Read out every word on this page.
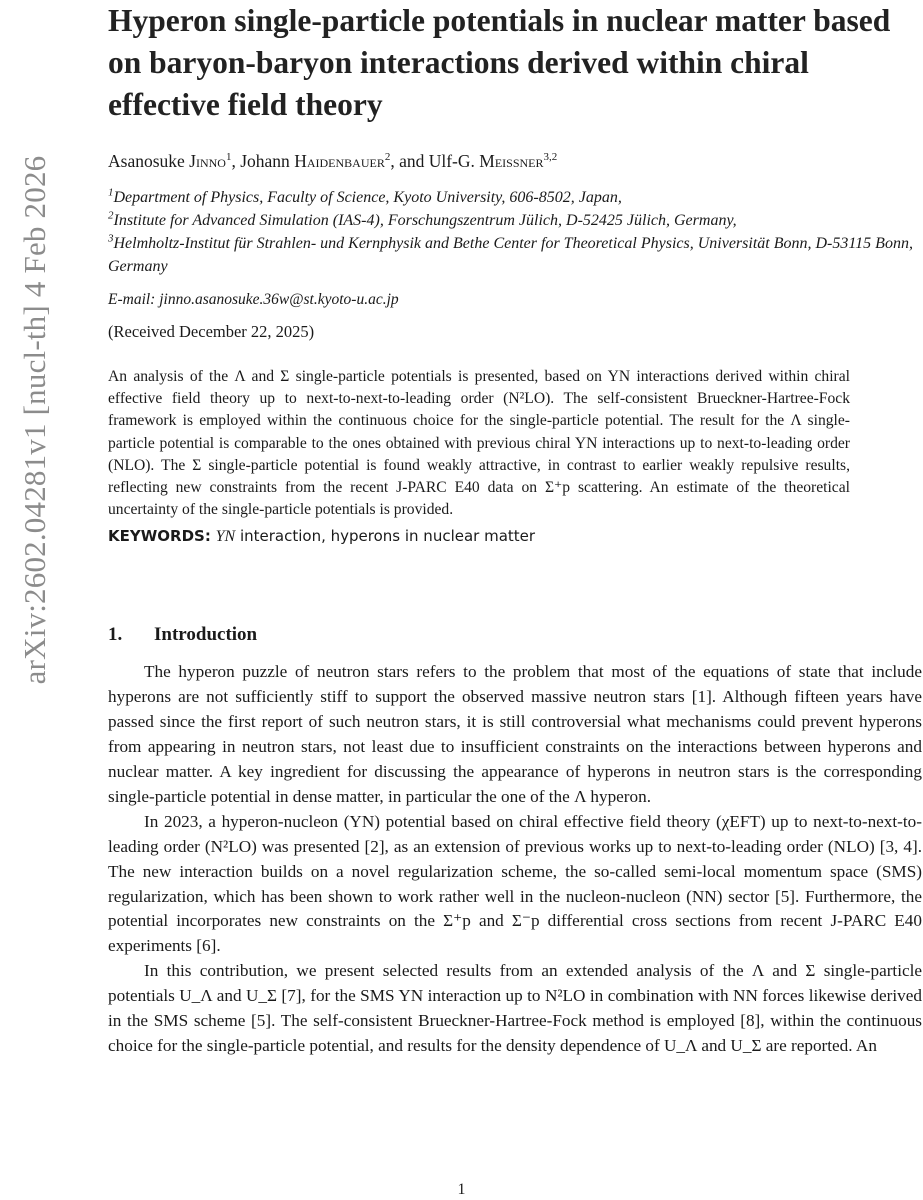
arXiv:2602.04281v1 [nucl-th] 4 Feb 2026
Hyperon single-particle potentials in nuclear matter based on baryon-baryon interactions derived within chiral effective field theory
Asanosuke Jinno$^1$, Johann Haidenbauer$^2$, and Ulf-G. Meißner$^{3,2}$
$^1$Department of Physics, Faculty of Science, Kyoto University, 606-8502, Japan,
$^2$Institute for Advanced Simulation (IAS-4), Forschungszentrum Jülich, D-52425 Jülich, Germany,
$^3$Helmholtz-Institut für Strahlen- und Kernphysik and Bethe Center for Theoretical Physics, Universität Bonn, D-53115 Bonn, Germany
E-mail: jinno.asanosuke.36w@st.kyoto-u.ac.jp
(Received December 22, 2025)
An analysis of the Λ and Σ single-particle potentials is presented, based on YN interactions derived within chiral effective field theory up to next-to-next-to-leading order (N²LO). The self-consistent Brueckner-Hartree-Fock framework is employed within the continuous choice for the single-particle potential. The result for the Λ single-particle potential is comparable to the ones obtained with previous chiral YN interactions up to next-to-leading order (NLO). The Σ single-particle potential is found weakly attractive, in contrast to earlier weakly repulsive results, reflecting new constraints from the recent J-PARC E40 data on Σ⁺p scattering. An estimate of the theoretical uncertainty of the single-particle potentials is provided.
KEYWORDS: YN interaction, hyperons in nuclear matter
1. Introduction

The hyperon puzzle of neutron stars refers to the problem that most of the equations of state that include hyperons are not sufficiently stiff to support the observed massive neutron stars [1]. Although fifteen years have passed since the first report of such neutron stars, it is still controversial what mechanisms could prevent hyperons from appearing in neutron stars, not least due to insufficient constraints on the interactions between hyperons and nuclear matter. A key ingredient for discussing the appearance of hyperons in neutron stars is the corresponding single-particle potential in dense matter, in particular the one of the Λ hyperon.

In 2023, a hyperon-nucleon (YN) potential based on chiral effective field theory (χEFT) up to next-to-next-to-leading order (N²LO) was presented [2], as an extension of previous works up to next-to-leading order (NLO) [3, 4]. The new interaction builds on a novel regularization scheme, the so-called semi-local momentum space (SMS) regularization, which has been shown to work rather well in the nucleon-nucleon (NN) sector [5]. Furthermore, the potential incorporates new constraints on the Σ⁺p and Σ⁻p differential cross sections from recent J-PARC E40 experiments [6].

In this contribution, we present selected results from an extended analysis of the Λ and Σ single-particle potentials U_Λ and U_Σ [7], for the SMS YN interaction up to N²LO in combination with NN forces likewise derived in the SMS scheme [5]. The self-consistent Brueckner-Hartree-Fock method is employed [8], within the continuous choice for the single-particle potential, and results for the density dependence of U_Λ and U_Σ are reported. An

1
